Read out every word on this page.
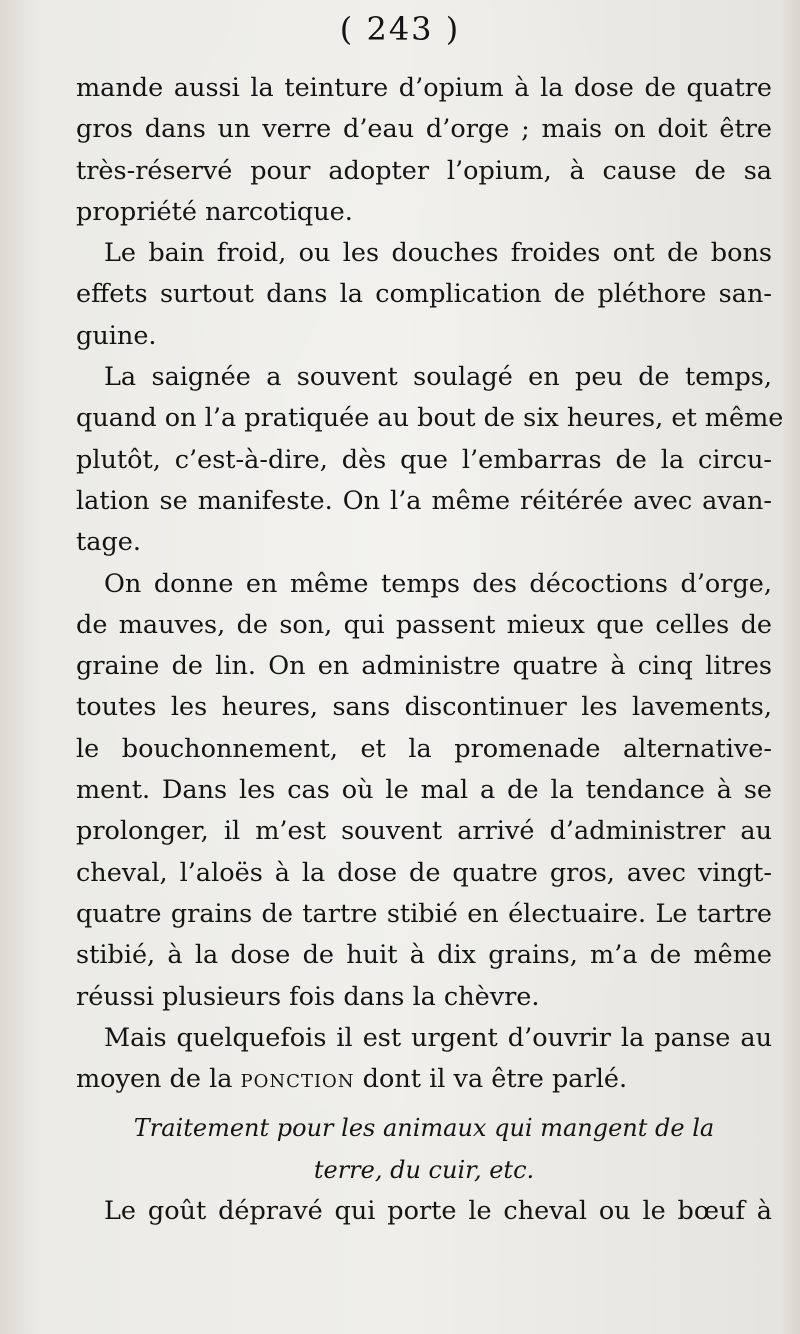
( 243 )
mande aussi la teinture d’opium à la dose de quatre
gros dans un verre d’eau d’orge ; mais on doit être
très-réservé pour adopter l’opium, à cause de sa
propriété narcotique.
Le bain froid, ou les douches froides ont de bons
effets surtout dans la complication de pléthore san-
guine.
La saignée a souvent soulagé en peu de temps,
quand on l’a pratiquée au bout de six heures, et même
plutôt, c’est-à-dire, dès que l’embarras de la circu-
lation se manifeste. On l’a même réitérée avec avan-
tage.
On donne en même temps des décoctions d’orge,
de mauves, de son, qui passent mieux que celles de
graine de lin. On en administre quatre à cinq litres
toutes les heures, sans discontinuer les lavements,
le bouchonnement, et la promenade alternative-
ment. Dans les cas où le mal a de la tendance à se
prolonger, il m’est souvent arrivé d’administrer au
cheval, l’aloës à la dose de quatre gros, avec vingt-
quatre grains de tartre stibié en électuaire. Le tartre
stibié, à la dose de huit à dix grains, m’a de même
réussi plusieurs fois dans la chèvre.
Mais quelquefois il est urgent d’ouvrir la panse au
moyen de la ponction dont il va être parlé.
Traitement pour les animaux qui mangent de la
terre, du cuir, etc.
Le goût dépravé qui porte le cheval ou le bœuf à
